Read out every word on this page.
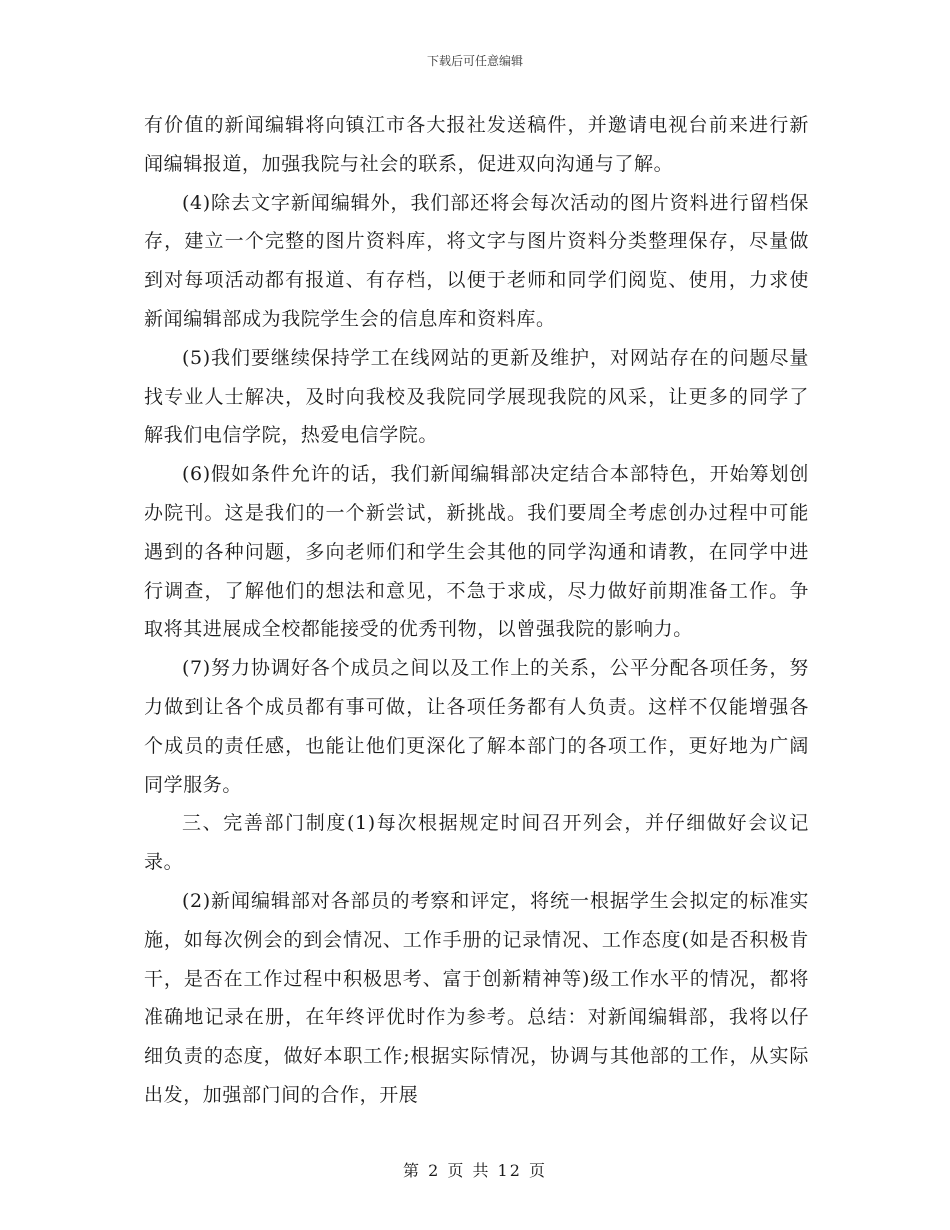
下载后可任意编辑

有价值的新闻编辑将向镇江市各大报社发送稿件，并邀请电视台前来进行新闻编辑报道，加强我院与社会的联系，促进双向沟通与了解。

(4)除去文字新闻编辑外，我们部还将会每次活动的图片资料进行留档保存，建立一个完整的图片资料库，将文字与图片资料分类整理保存，尽量做到对每项活动都有报道、有存档，以便于老师和同学们阅览、使用，力求使新闻编辑部成为我院学生会的信息库和资料库。

(5)我们要继续保持学工在线网站的更新及维护，对网站存在的问题尽量找专业人士解决，及时向我校及我院同学展现我院的风采，让更多的同学了解我们电信学院，热爱电信学院。

(6)假如条件允许的话，我们新闻编辑部决定结合本部特色，开始筹划创办院刊。这是我们的一个新尝试，新挑战。我们要周全考虑创办过程中可能遇到的各种问题，多向老师们和学生会其他的同学沟通和请教，在同学中进行调查，了解他们的想法和意见，不急于求成，尽力做好前期准备工作。争取将其进展成全校都能接受的优秀刊物，以曾强我院的影响力。

(7)努力协调好各个成员之间以及工作上的关系，公平分配各项任务，努力做到让各个成员都有事可做，让各项任务都有人负责。这样不仅能增强各个成员的责任感，也能让他们更深化了解本部门的各项工作，更好地为广阔同学服务。

三、完善部门制度(1)每次根据规定时间召开列会，并仔细做好会议记录。

(2)新闻编辑部对各部员的考察和评定，将统一根据学生会拟定的标准实施，如每次例会的到会情况、工作手册的记录情况、工作态度(如是否积极肯干，是否在工作过程中积极思考、富于创新精神等)级工作水平的情况，都将准确地记录在册，在年终评优时作为参考。总结：对新闻编辑部，我将以仔细负责的态度，做好本职工作;根据实际情况，协调与其他部的工作，从实际出发，加强部门间的合作，开展

第 2 页 共 12 页
